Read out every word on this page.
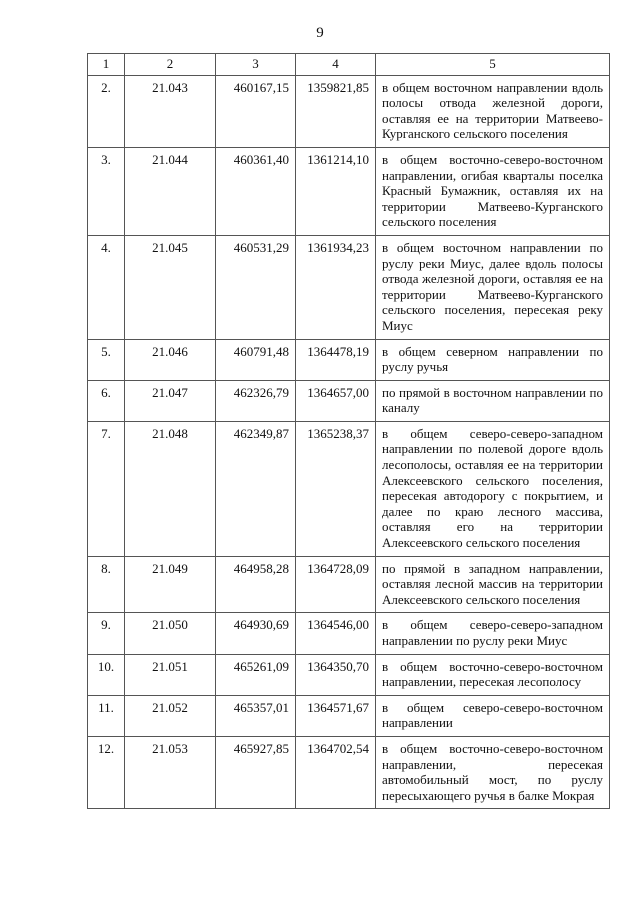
9
1	2	3	4	5
2.	21.043	460167,15	1359821,85	в общем восточном направлении вдоль полосы отвода железной дороги, оставляя ее на территории Матвеево-Курганского сельского поселения
3.	21.044	460361,40	1361214,10	в общем восточно-северо-восточном направлении, огибая кварталы поселка Красный Бумажник, оставляя их на территории Матвеево-Курганского сельского поселения
4.	21.045	460531,29	1361934,23	в общем восточном направлении по руслу реки Миус, далее вдоль полосы отвода железной дороги, оставляя ее на территории Матвеево-Курганского сельского поселения, пересекая реку Миус
5.	21.046	460791,48	1364478,19	в общем северном направлении по руслу ручья
6.	21.047	462326,79	1364657,00	по прямой в восточном направлении по каналу
7.	21.048	462349,87	1365238,37	в общем северо-северо-западном направлении по полевой дороге вдоль лесополосы, оставляя ее на территории Алексеевского сельского поселения, пересекая автодорогу с покрытием, и далее по краю лесного массива, оставляя его на территории Алексеевского сельского поселения
8.	21.049	464958,28	1364728,09	по прямой в западном направлении, оставляя лесной массив на территории Алексеевского сельского поселения
9.	21.050	464930,69	1364546,00	в общем северо-северо-западном направлении по руслу реки Миус
10.	21.051	465261,09	1364350,70	в общем восточно-северо-восточном направлении, пересекая лесополосу
11.	21.052	465357,01	1364571,67	в общем северо-северо-восточном направлении
12.	21.053	465927,85	1364702,54	в общем восточно-северо-восточном направлении, пересекая автомобильный мост, по руслу пересыхающего ручья в балке Мокрая
